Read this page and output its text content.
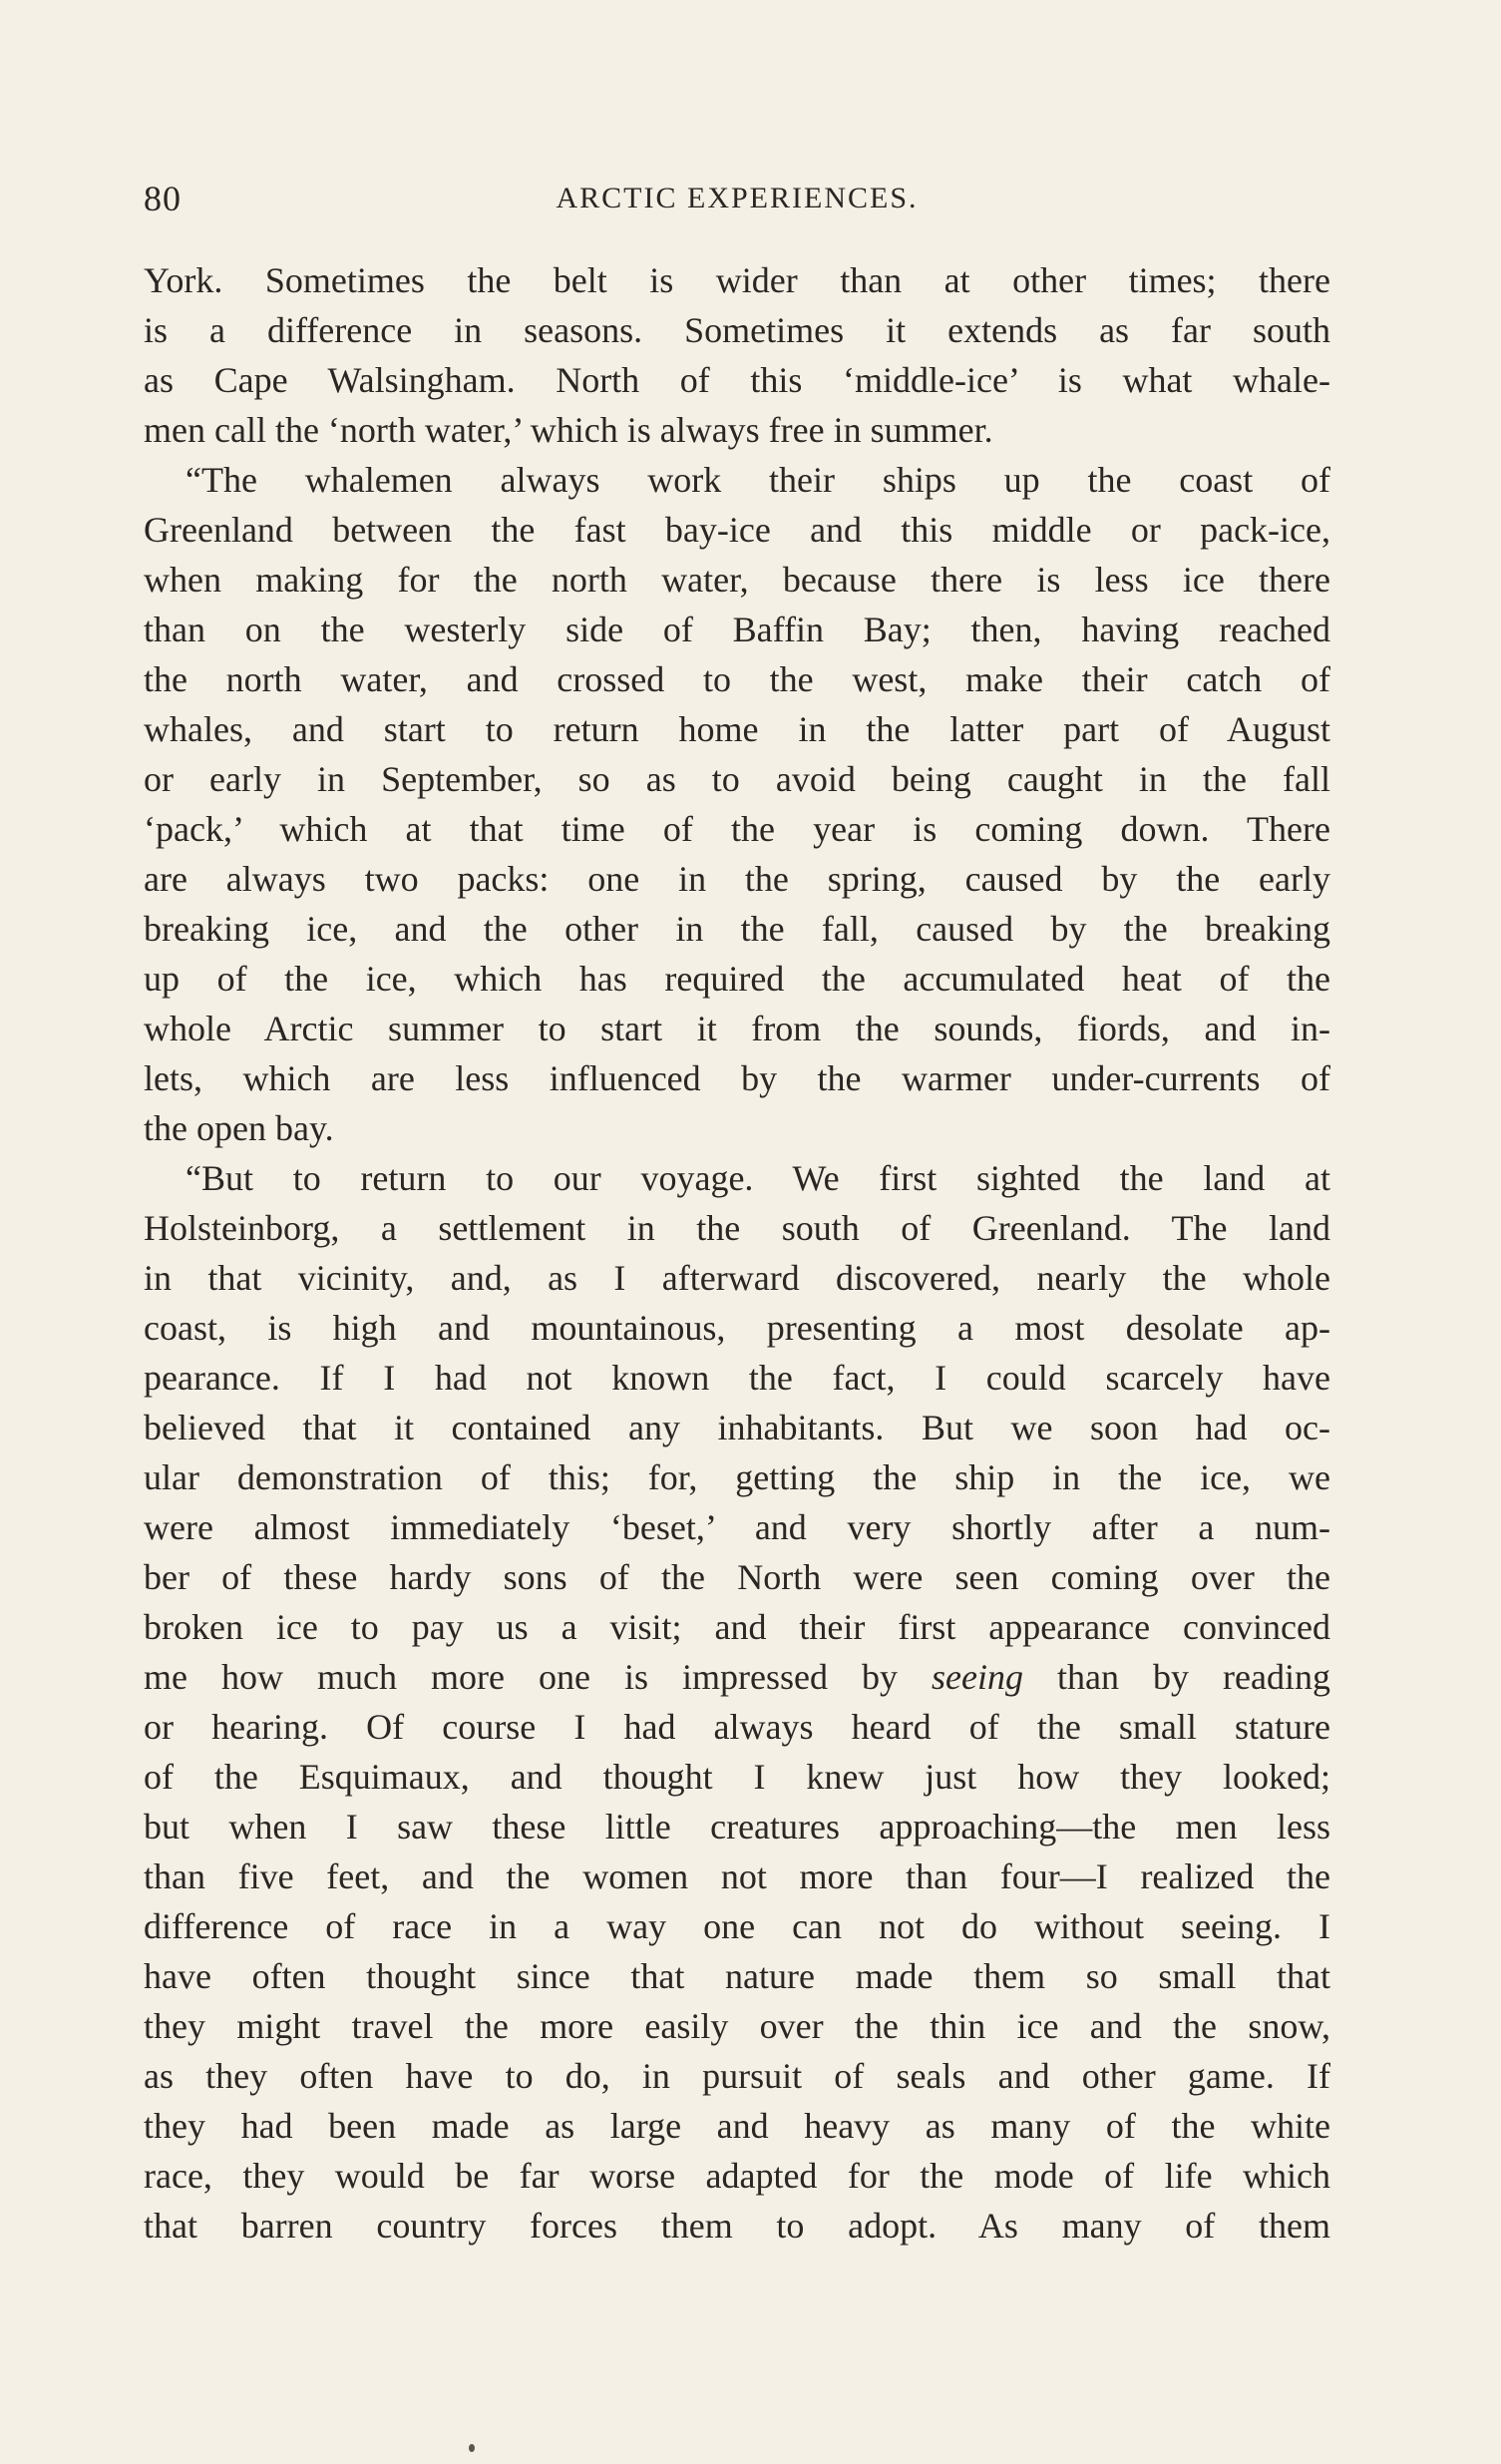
80	ARCTIC EXPERIENCES.
York. Sometimes the belt is wider than at other times; there
is a difference in seasons. Sometimes it extends as far south
as Cape Walsingham. North of this ‘middle-ice’ is what whale-
men call the ‘north water,’ which is always free in summer.
“The whalemen always work their ships up the coast of
Greenland between the fast bay-ice and this middle or pack-ice,
when making for the north water, because there is less ice there
than on the westerly side of Baffin Bay; then, having reached
the north water, and crossed to the west, make their catch of
whales, and start to return home in the latter part of August
or early in September, so as to avoid being caught in the fall
‘pack,’ which at that time of the year is coming down. There
are always two packs: one in the spring, caused by the early
breaking ice, and the other in the fall, caused by the breaking
up of the ice, which has required the accumulated heat of the
whole Arctic summer to start it from the sounds, fiords, and in-
lets, which are less influenced by the warmer under-currents of
the open bay.
“But to return to our voyage. We first sighted the land at
Holsteinborg, a settlement in the south of Greenland. The land
in that vicinity, and, as I afterward discovered, nearly the whole
coast, is high and mountainous, presenting a most desolate ap-
pearance. If I had not known the fact, I could scarcely have
believed that it contained any inhabitants. But we soon had oc-
ular demonstration of this; for, getting the ship in the ice, we
were almost immediately ‘beset,’ and very shortly after a num-
ber of these hardy sons of the North were seen coming over the
broken ice to pay us a visit; and their first appearance convinced
me how much more one is impressed by seeing than by reading
or hearing. Of course I had always heard of the small stature
of the Esquimaux, and thought I knew just how they looked;
but when I saw these little creatures approaching—the men less
than five feet, and the women not more than four—I realized the
difference of race in a way one can not do without seeing. I
have often thought since that nature made them so small that
they might travel the more easily over the thin ice and the snow,
as they often have to do, in pursuit of seals and other game. If
they had been made as large and heavy as many of the white
race, they would be far worse adapted for the mode of life which
that barren country forces them to adopt. As many of them
